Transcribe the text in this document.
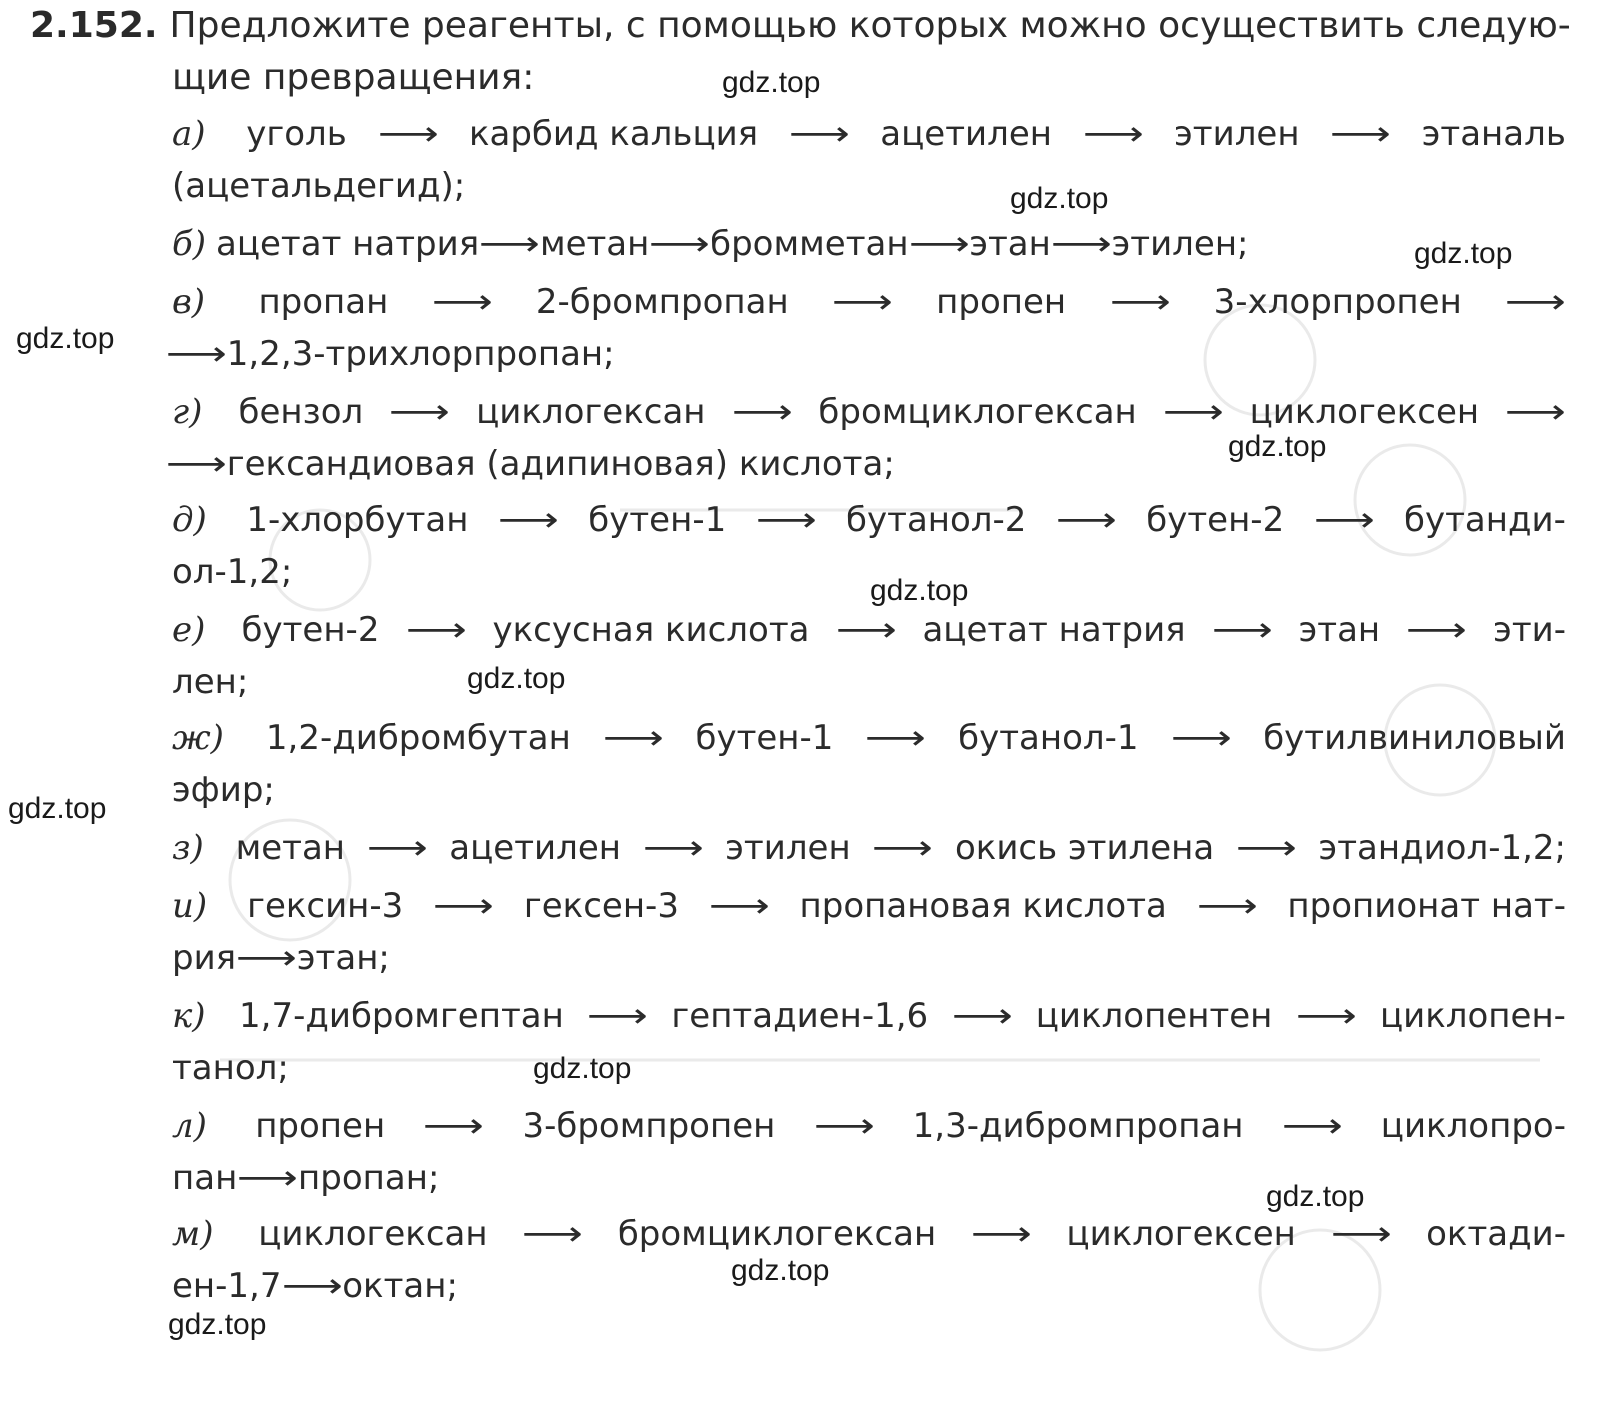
2.152. Предложите реагенты, с помощью которых можно осуществить следую-
щие превращения:
а) уголь ⟶ карбид кальция ⟶ ацетилен ⟶ этилен ⟶ этаналь
(ацетальдегид);
б) ацетат натрия⟶метан⟶бромметан⟶этан⟶этилен;
в) пропан ⟶ 2-бромпропан ⟶ пропен ⟶ 3-хлорпропен ⟶
⟶1,2,3-трихлорпропан;
г) бензол ⟶ циклогексан ⟶ бромциклогексан ⟶ циклогексен ⟶
⟶гександиовая (адипиновая) кислота;
д) 1-хлорбутан ⟶ бутен-1 ⟶ бутанол-2 ⟶ бутен-2 ⟶ бутанди-
ол-1,2;
е) бутен-2 ⟶ уксусная кислота ⟶ ацетат натрия ⟶ этан ⟶ эти-
лен;
ж) 1,2-дибромбутан ⟶ бутен-1 ⟶ бутанол-1 ⟶ бутилвиниловый
эфир;
з) метан ⟶ ацетилен ⟶ этилен ⟶ окись этилена ⟶ этандиол-1,2;
и) гексин-3 ⟶ гексен-3 ⟶ пропановая кислота ⟶ пропионат нат-
рия⟶этан;
к) 1,7-дибромгептан ⟶ гептадиен-1,6 ⟶ циклопентен ⟶ циклопен-
танол;
л) пропен ⟶ 3-бромпропен ⟶ 1,3-дибромпропан ⟶ циклопро-
пан⟶пропан;
м) циклогексан ⟶ бромциклогексан ⟶ циклогексен ⟶ октади-
ен-1,7⟶октан;
gdz.top
gdz.top
gdz.top
gdz.top
gdz.top
gdz.top
gdz.top
gdz.top
gdz.top
gdz.top
gdz.top
gdz.top
